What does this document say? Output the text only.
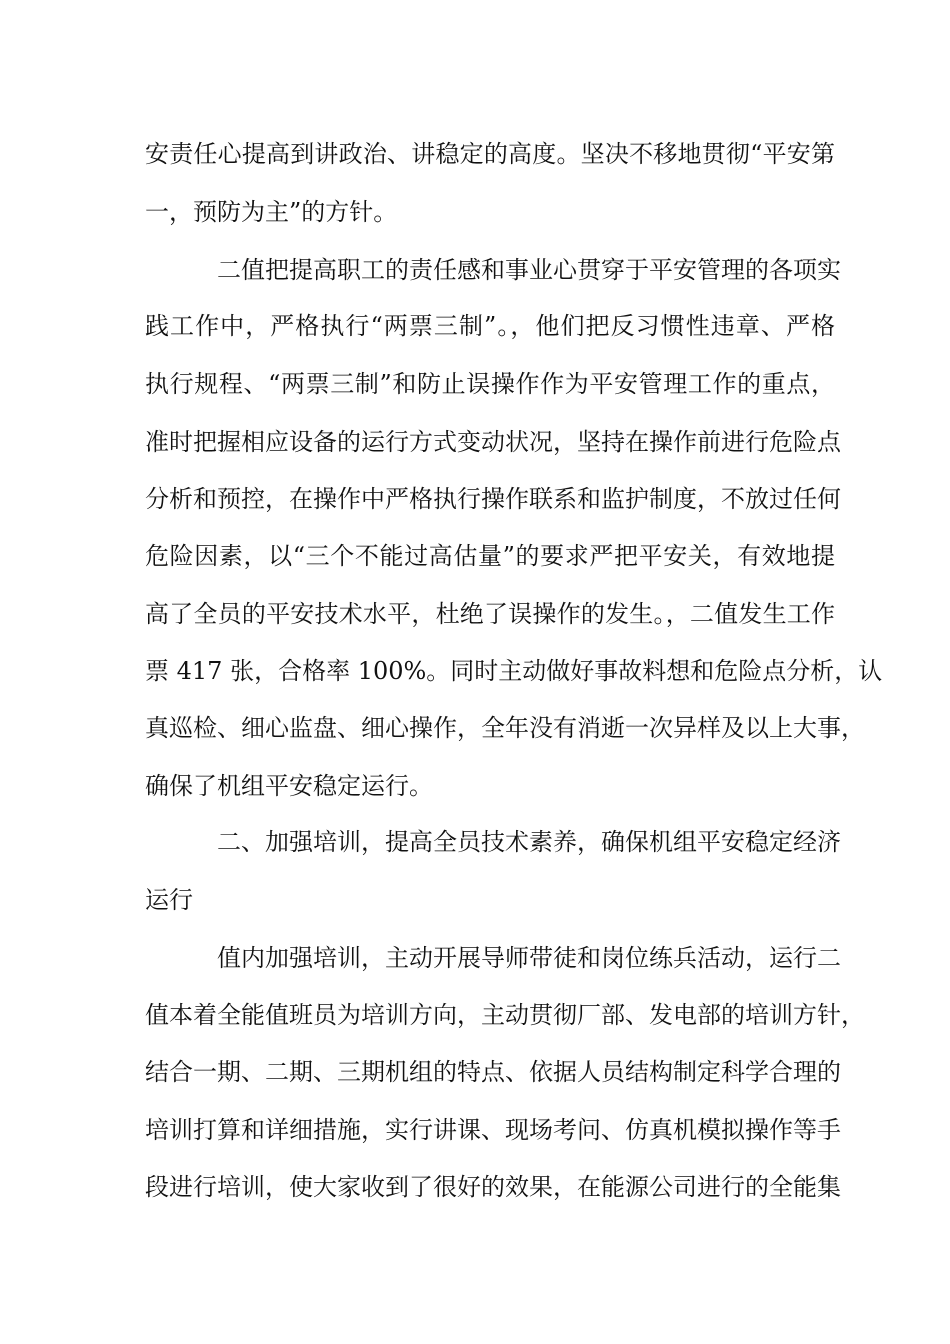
安责任心提高到讲政治、讲稳定的高度。坚决不移地贯彻“平安第
一，预防为主”的方针。
二值把提高职工的责任感和事业心贯穿于平安管理的各项实
践工作中，严格执行“两票三制”。，他们把反习惯性违章、严格
执行规程、“两票三制”和防止误操作作为平安管理工作的重点，
准时把握相应设备的运行方式变动状况，坚持在操作前进行危险点
分析和预控，在操作中严格执行操作联系和监护制度，不放过任何
危险因素，以“三个不能过高估量”的要求严把平安关，有效地提
高了全员的平安技术水平，杜绝了误操作的发生。，二值发生工作
票 417 张，合格率 100%。同时主动做好事故料想和危险点分析，认
真巡检、细心监盘、细心操作，全年没有消逝一次异样及以上大事，
确保了机组平安稳定运行。
二、加强培训，提高全员技术素养，确保机组平安稳定经济
运行
值内加强培训，主动开展导师带徒和岗位练兵活动，运行二
值本着全能值班员为培训方向，主动贯彻厂部、发电部的培训方针，
结合一期、二期、三期机组的特点、依据人员结构制定科学合理的
培训打算和详细措施，实行讲课、现场考问、仿真机模拟操作等手
段进行培训，使大家收到了很好的效果，在能源公司进行的全能集
